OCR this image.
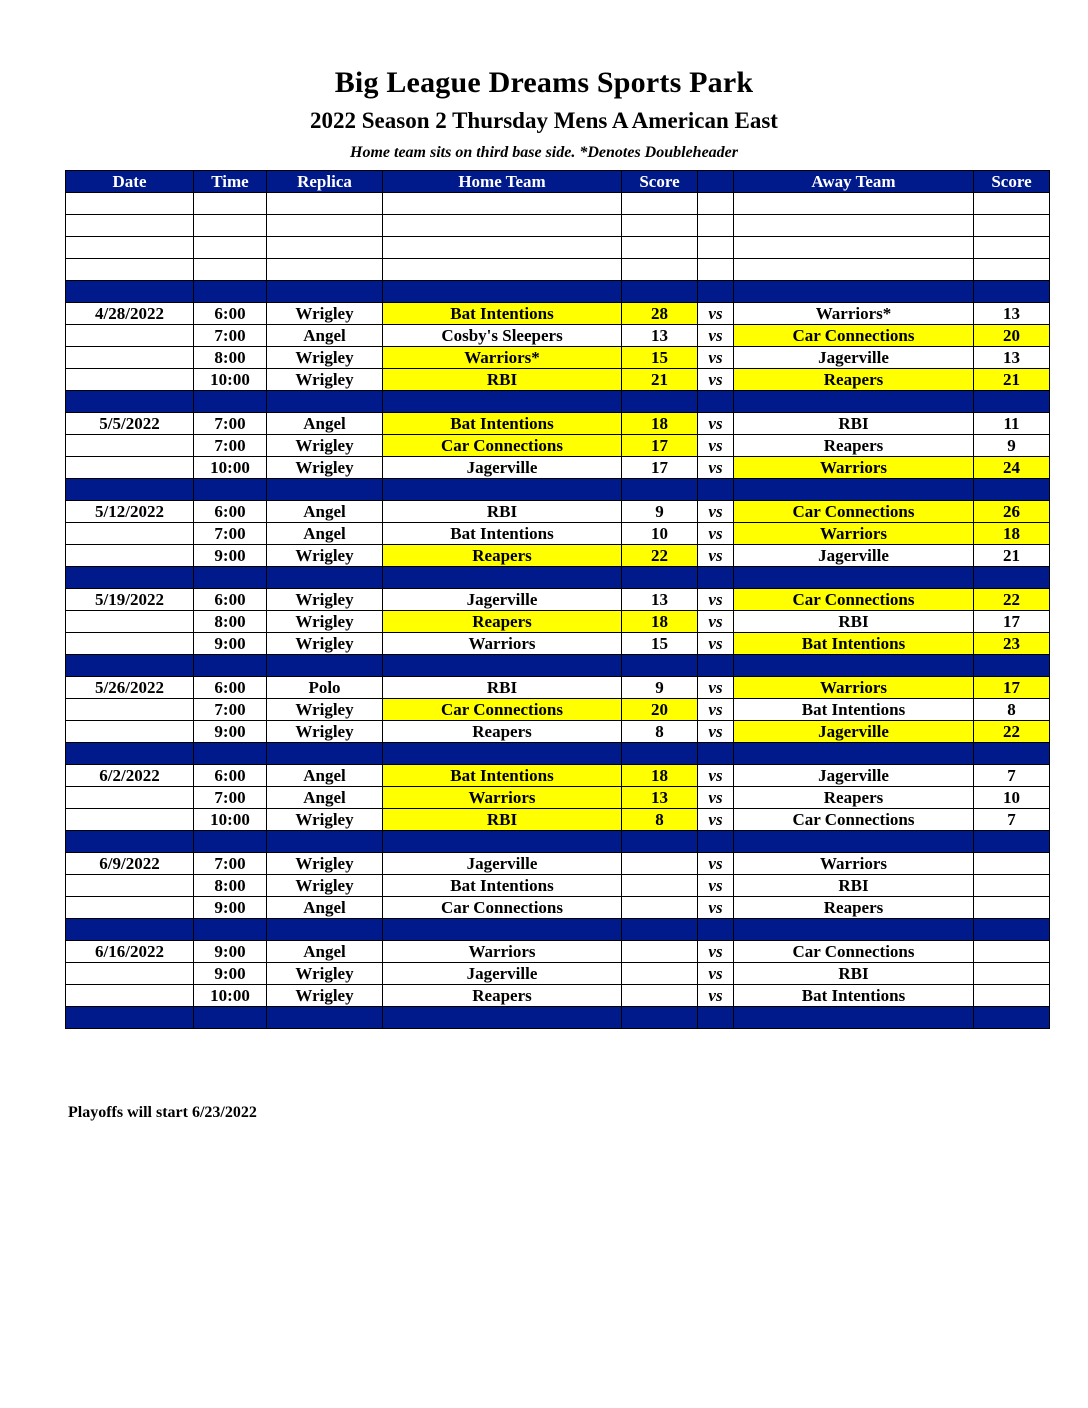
Big League Dreams Sports Park
2022 Season 2 Thursday Mens A American East
Home team sits on third base side. *Denotes Doubleheader
Date	Time	Replica	Home Team	Score		Away Team	Score

4/28/2022	6:00	Wrigley	Bat Intentions	28	vs	Warriors*	13
	7:00	Angel	Cosby's Sleepers	13	vs	Car Connections	20
	8:00	Wrigley	Warriors*	15	vs	Jagerville	13
	10:00	Wrigley	RBI	21	vs	Reapers	21

5/5/2022	7:00	Angel	Bat Intentions	18	vs	RBI	11
	7:00	Wrigley	Car Connections	17	vs	Reapers	9
	10:00	Wrigley	Jagerville	17	vs	Warriors	24

5/12/2022	6:00	Angel	RBI	9	vs	Car Connections	26
	7:00	Angel	Bat Intentions	10	vs	Warriors	18
	9:00	Wrigley	Reapers	22	vs	Jagerville	21

5/19/2022	6:00	Wrigley	Jagerville	13	vs	Car Connections	22
	8:00	Wrigley	Reapers	18	vs	RBI	17
	9:00	Wrigley	Warriors	15	vs	Bat Intentions	23

5/26/2022	6:00	Polo	RBI	9	vs	Warriors	17
	7:00	Wrigley	Car Connections	20	vs	Bat Intentions	8
	9:00	Wrigley	Reapers	8	vs	Jagerville	22

6/2/2022	6:00	Angel	Bat Intentions	18	vs	Jagerville	7
	7:00	Angel	Warriors	13	vs	Reapers	10
	10:00	Wrigley	RBI	8	vs	Car Connections	7

6/9/2022	7:00	Wrigley	Jagerville		vs	Warriors	
	8:00	Wrigley	Bat Intentions		vs	RBI	
	9:00	Angel	Car Connections		vs	Reapers	

6/16/2022	9:00	Angel	Warriors		vs	Car Connections	
	9:00	Wrigley	Jagerville		vs	RBI	
	10:00	Wrigley	Reapers		vs	Bat Intentions	

Playoffs will start 6/23/2022
